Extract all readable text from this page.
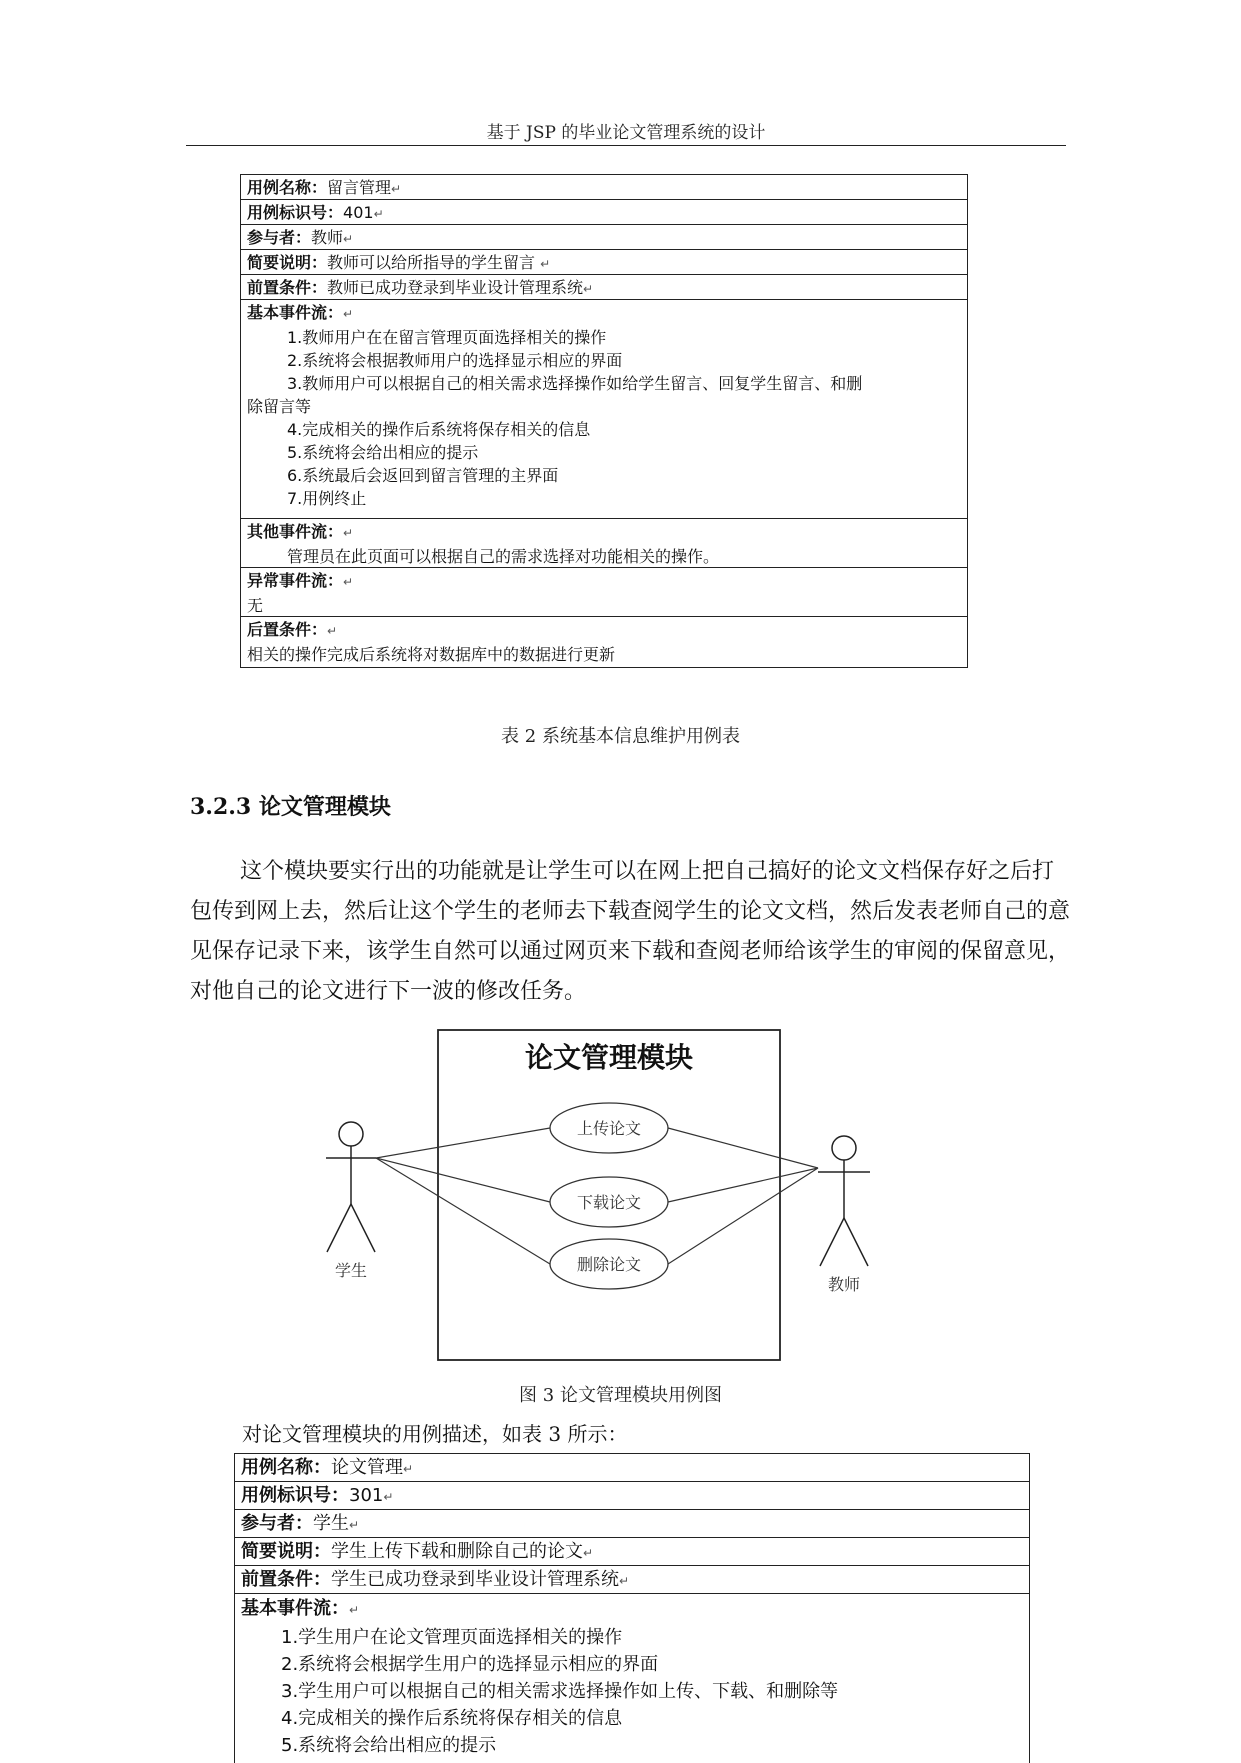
基于 JSP 的毕业论文管理系统的设计
用例名称：留言管理↵
用例标识号：401↵
参与者：教师↵
简要说明：教师可以给所指导的学生留言 ↵
前置条件：教师已成功登录到毕业设计管理系统↵
基本事件流：↵
1.教师用户在在留言管理页面选择相关的操作
2.系统将会根据教师用户的选择显示相应的界面
3.教师用户可以根据自己的相关需求选择操作如给学生留言、回复学生留言、和删
除留言等
4.完成相关的操作后系统将保存相关的信息
5.系统将会给出相应的提示
6.系统最后会返回到留言管理的主界面
7.用例终止
其他事件流：↵
管理员在此页面可以根据自己的需求选择对功能相关的操作。
异常事件流：↵
无
后置条件：↵
相关的操作完成后系统将对数据库中的数据进行更新
表 2 系统基本信息维护用例表
3.2.3 论文管理模块

这个模块要实行出的功能就是让学生可以在网上把自己搞好的论文文档保存好之后打包传到网上去，然后让这个学生的老师去下载查阅学生的论文文档，然后发表老师自己的意见保存记录下来，该学生自然可以通过网页来下载和查阅老师给该学生的审阅的保留意见，对他自己的论文进行下一波的修改任务。

论文管理模块
学生
教师
上传论文
下载论文
删除论文
图 3 论文管理模块用例图
对论文管理模块的用例描述，如表 3 所示：
用例名称：论文管理↵
用例标识号：301↵
参与者：学生↵
简要说明：学生上传下载和删除自己的论文↵
前置条件：学生已成功登录到毕业设计管理系统↵
基本事件流：↵
1.学生用户在论文管理页面选择相关的操作
2.系统将会根据学生用户的选择显示相应的界面
3.学生用户可以根据自己的相关需求选择操作如上传、下载、和删除等
4.完成相关的操作后系统将保存相关的信息
5.系统将会给出相应的提示
